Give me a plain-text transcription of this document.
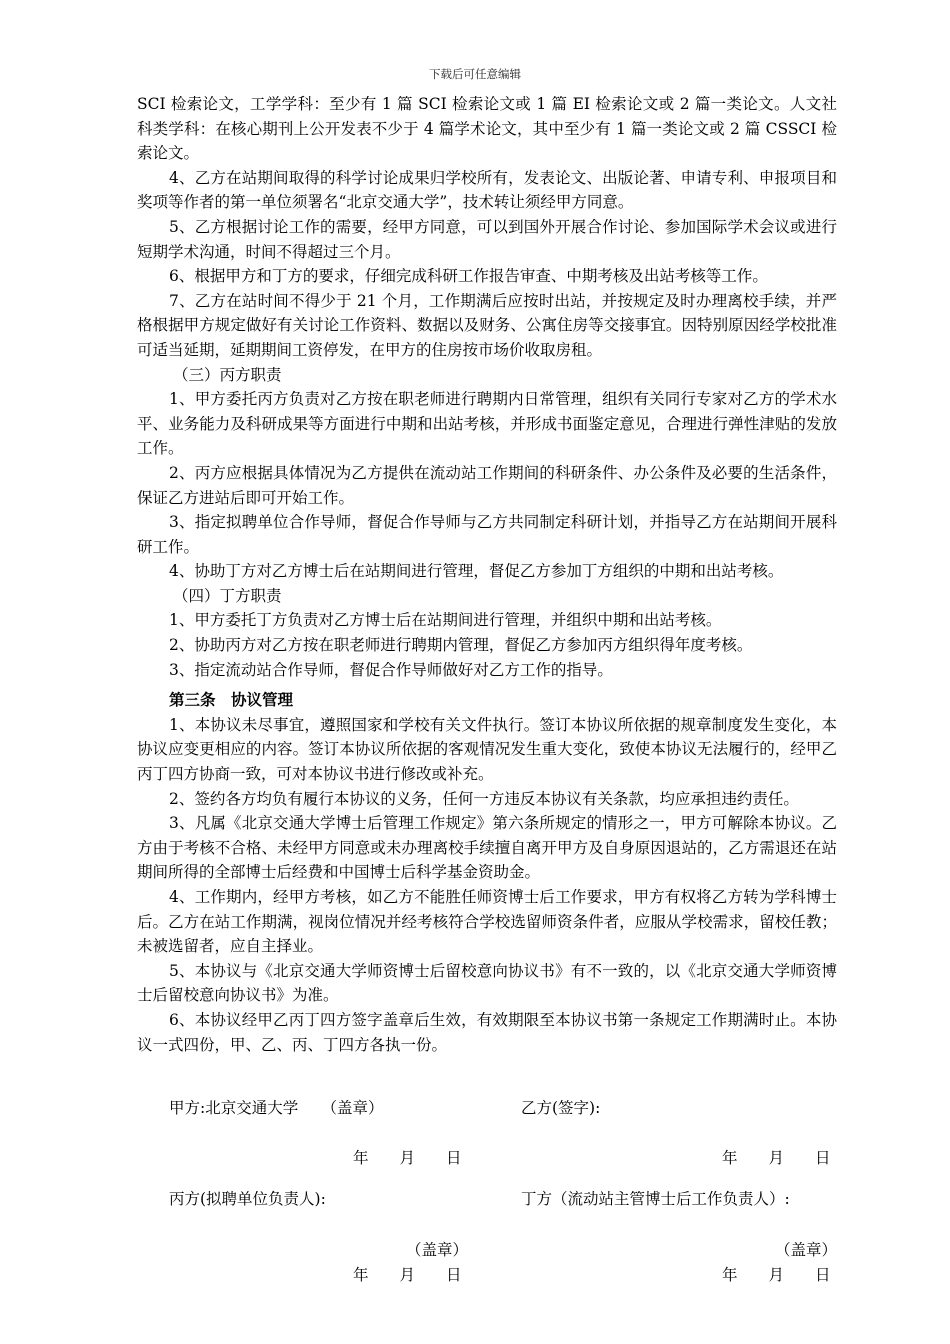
下载后可任意编辑

SCI 检索论文，工学学科：至少有 1 篇 SCI 检索论文或 1 篇 EI 检索论文或 2 篇一类论文。人文社科类学科：在核心期刊上公开发表不少于 4 篇学术论文，其中至少有 1 篇一类论文或 2 篇 CSSCI 检索论文。

4、乙方在站期间取得的科学讨论成果归学校所有，发表论文、出版论著、申请专利、申报项目和奖项等作者的第一单位须署名“北京交通大学”，技术转让须经甲方同意。

5、乙方根据讨论工作的需要，经甲方同意，可以到国外开展合作讨论、参加国际学术会议或进行短期学术沟通，时间不得超过三个月。

6、根据甲方和丁方的要求，仔细完成科研工作报告审查、中期考核及出站考核等工作。

7、乙方在站时间不得少于 21 个月，工作期满后应按时出站，并按规定及时办理离校手续，并严格根据甲方规定做好有关讨论工作资料、数据以及财务、公寓住房等交接事宜。因特别原因经学校批准可适当延期，延期期间工资停发，在甲方的住房按市场价收取房租。

（三）丙方职责

1、甲方委托丙方负责对乙方按在职老师进行聘期内日常管理，组织有关同行专家对乙方的学术水平、业务能力及科研成果等方面进行中期和出站考核，并形成书面鉴定意见，合理进行弹性津贴的发放工作。

2、丙方应根据具体情况为乙方提供在流动站工作期间的科研条件、办公条件及必要的生活条件，保证乙方进站后即可开始工作。

3、指定拟聘单位合作导师，督促合作导师与乙方共同制定科研计划，并指导乙方在站期间开展科研工作。

4、协助丁方对乙方博士后在站期间进行管理，督促乙方参加丁方组织的中期和出站考核。

（四）丁方职责

1、甲方委托丁方负责对乙方博士后在站期间进行管理，并组织中期和出站考核。

2、协助丙方对乙方按在职老师进行聘期内管理，督促乙方参加丙方组织得年度考核。

3、指定流动站合作导师，督促合作导师做好对乙方工作的指导。

第三条　协议管理

1、本协议未尽事宜，遵照国家和学校有关文件执行。签订本协议所依据的规章制度发生变化，本协议应变更相应的内容。签订本协议所依据的客观情况发生重大变化，致使本协议无法履行的，经甲乙丙丁四方协商一致，可对本协议书进行修改或补充。

2、签约各方均负有履行本协议的义务，任何一方违反本协议有关条款，均应承担违约责任。

3、凡属《北京交通大学博士后管理工作规定》第六条所规定的情形之一，甲方可解除本协议。乙方由于考核不合格、未经甲方同意或未办理离校手续擅自离开甲方及自身原因退站的，乙方需退还在站期间所得的全部博士后经费和中国博士后科学基金资助金。

4、工作期内，经甲方考核，如乙方不能胜任师资博士后工作要求，甲方有权将乙方转为学科博士后。乙方在站工作期满，视岗位情况并经考核符合学校选留师资条件者，应服从学校需求，留校任教；未被选留者，应自主择业。

5、本协议与《北京交通大学师资博士后留校意向协议书》有不一致的，以《北京交通大学师资博士后留校意向协议书》为准。

6、本协议经甲乙丙丁四方签字盖章后生效，有效期限至本协议书第一条规定工作期满时止。本协议一式四份，甲、乙、丙、丁四方各执一份。

甲方:北京交通大学　　（盖章）	乙方(签字):
年　　月　　日	年　　月　　日
丙方(拟聘单位负责人):	丁方（流动站主管博士后工作负责人）:
（盖章）	（盖章）
年　　月　　日	年　　月　　日
